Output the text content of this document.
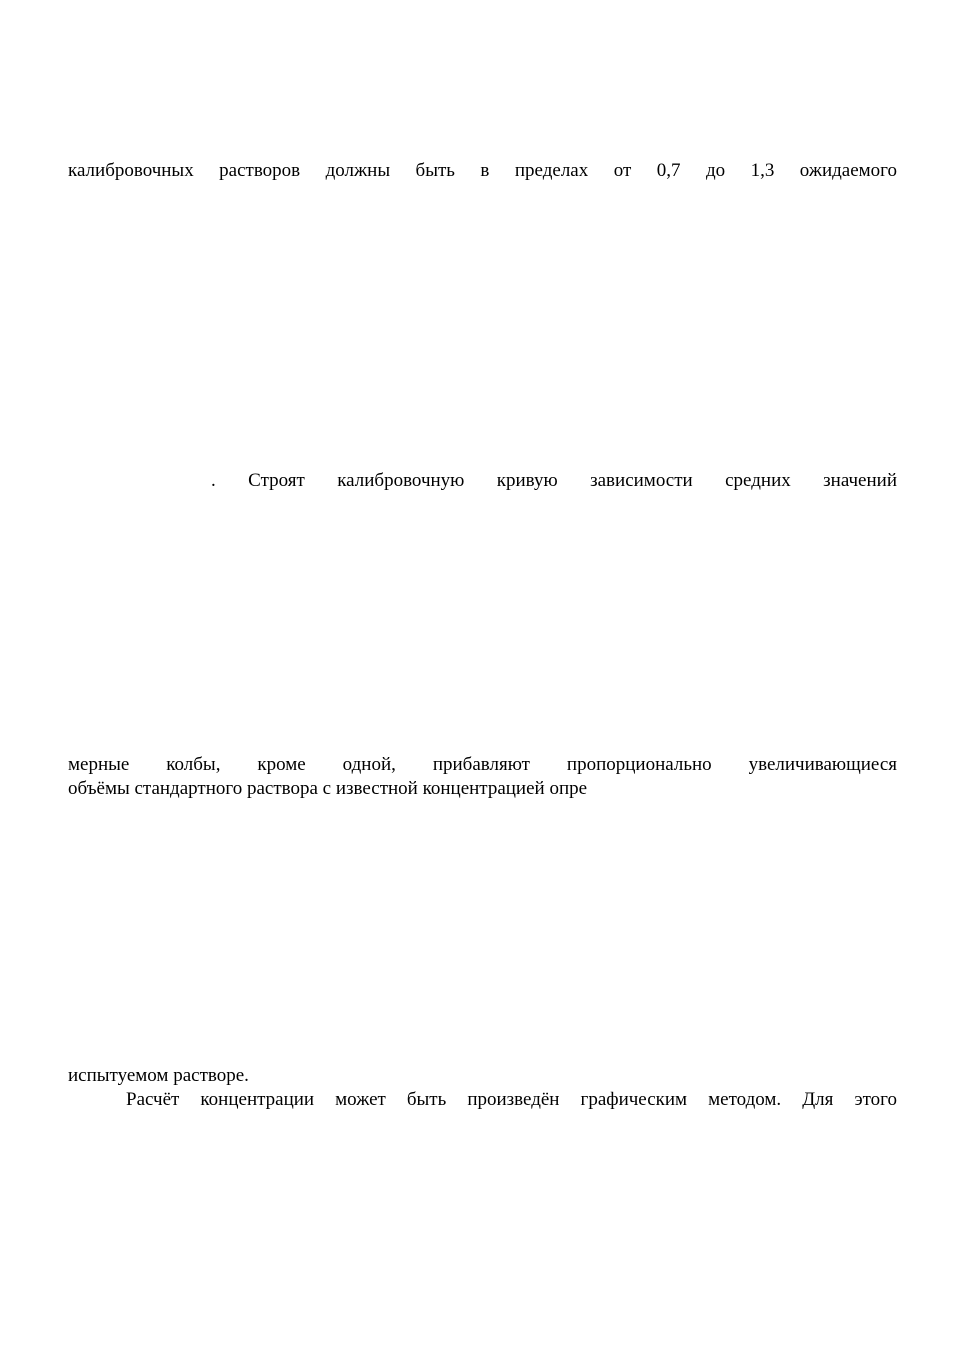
калибровочных растворов должны быть в пределах от 0,7 до 1,3 ожидаемого
. Строят калибровочную кривую зависимости средних значений
мерные колбы, кроме одной, прибавляют пропорционально увеличивающиеся
объёмы стандартного раствора с известной концентрацией опре
испытуемом растворе.
Расчёт концентрации может быть произведён графическим методом. Для этого
